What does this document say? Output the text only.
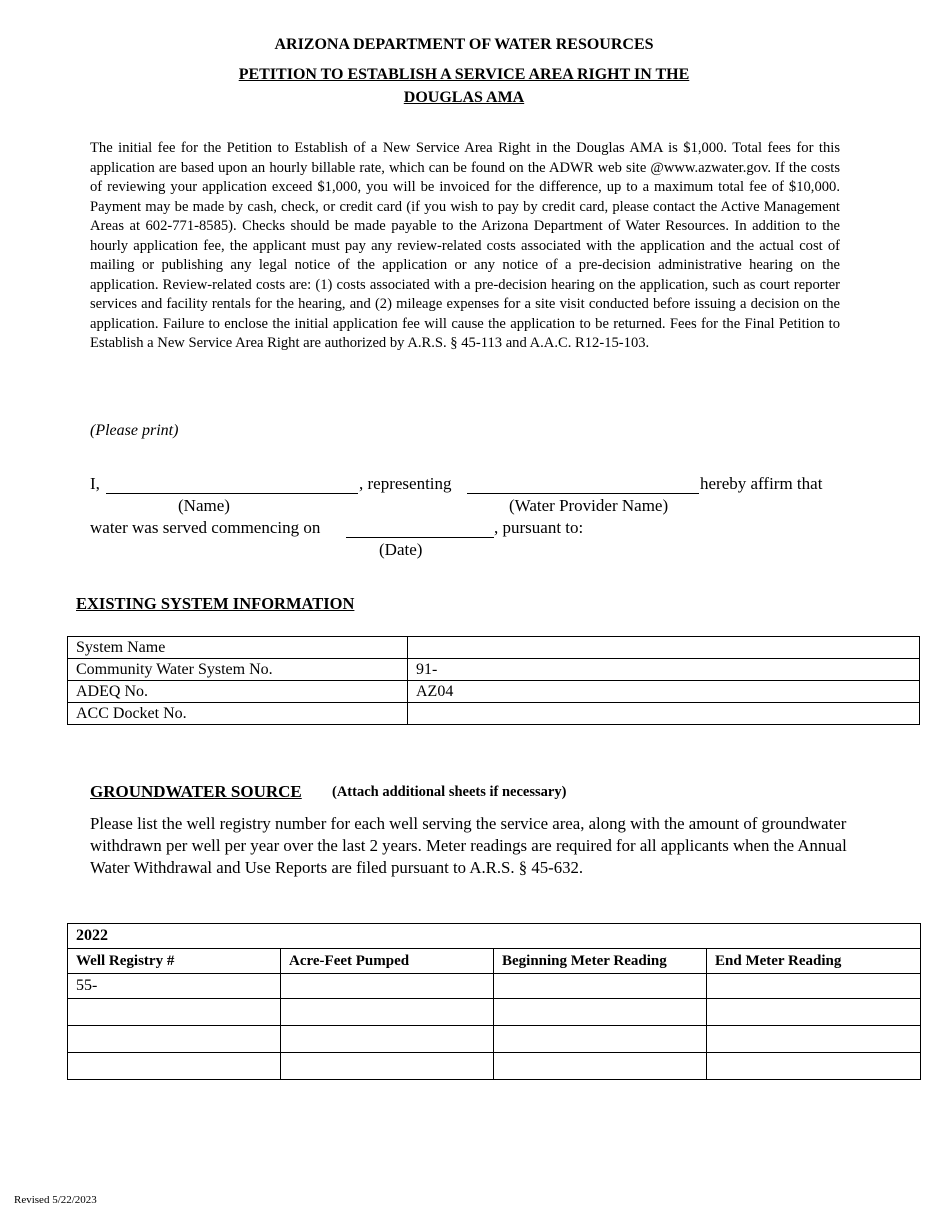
ARIZONA DEPARTMENT OF WATER RESOURCES
PETITION TO ESTABLISH A SERVICE AREA RIGHT IN THE
DOUGLAS AMA
The initial fee for the Petition to Establish of a New Service Area Right in the Douglas AMA is $1,000. Total fees for this application are based upon an hourly billable rate, which can be found on the ADWR web site @www.azwater.gov. If the costs of reviewing your application exceed $1,000, you will be invoiced for the difference, up to a maximum total fee of $10,000. Payment may be made by cash, check, or credit card (if you wish to pay by credit card, please contact the Active Management Areas at 602-771-8585). Checks should be made payable to the Arizona Department of Water Resources. In addition to the hourly application fee, the applicant must pay any review-related costs associated with the application and the actual cost of mailing or publishing any legal notice of the application or any notice of a pre-decision administrative hearing on the application. Review-related costs are: (1) costs associated with a pre-decision hearing on the application, such as court reporter services and facility rentals for the hearing, and (2) mileage expenses for a site visit conducted before issuing a decision on the application. Failure to enclose the initial application fee will cause the application to be returned. Fees for the Final Petition to Establish a New Service Area Right are authorized by A.R.S. § 45-113 and A.A.C. R12-15-103.
(Please print)
I,	, representing	hereby affirm that
(Name)	(Water Provider Name)
water was served commencing on	, pursuant to:
(Date)
EXISTING SYSTEM INFORMATION
System Name	
Community Water System No.	91-
ADEQ No.	AZ04
ACC Docket No.	
GROUNDWATER SOURCE (Attach additional sheets if necessary)
Please list the well registry number for each well serving the service area, along with the amount of groundwater withdrawn per well per year over the last 2 years. Meter readings are required for all applicants when the Annual Water Withdrawal and Use Reports are filed pursuant to A.R.S. § 45-632.
2022			
Well Registry #	Acre-Feet Pumped	Beginning Meter Reading	End Meter Reading
55-			

Revised 5/22/2023
